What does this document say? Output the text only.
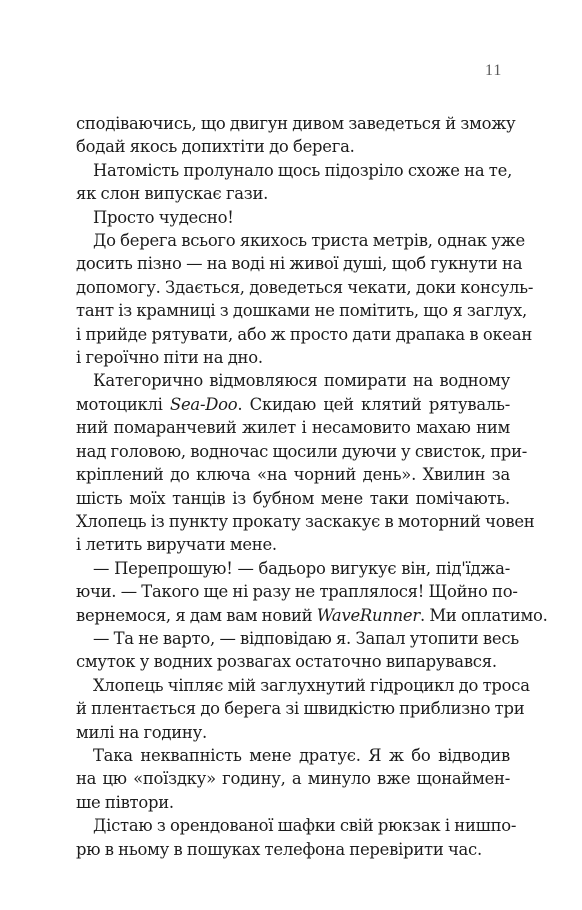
11
сподіваючись, що двигун дивом заведеться й зможу
бодай якось допихтіти до берега.
Натомість пролунало щось підозріло схоже на те,
як слон випускає гази.
Просто чудесно!
До берега всього якихось триста метрів, однак уже
досить пізно — на воді ні живої душі, щоб гукнути на
допомогу. Здається, доведеться чекати, доки консуль-
тант із крамниці з дошками не помітить, що я заглух,
і прийде рятувати, або ж просто дати драпака в океан
і героїчно піти на дно.
Категорично відмовляюся помирати на водному
мотоциклі Sea-Doo. Скидаю цей клятий рятуваль-
ний помаранчевий жилет і несамовито махаю ним
над головою, водночас щосили дуючи у свисток, при-
кріплений до ключа «на чорний день». Хвилин за
шість моїх танців із бубном мене таки помічають.
Хлопець із пункту прокату заскакує в моторний човен
і летить виручати мене.
— Перепрошую! — бадьоро вигукує він, під'їджа-
ючи. — Такого ще ні разу не траплялося! Щойно по-
вернемося, я дам вам новий WaveRunner. Ми оплатимо.
— Та не варто, — відповідаю я. Запал утопити весь
смуток у водних розвагах остаточно випарувався.
Хлопець чіпляє мій заглухнутий гідроцикл до троса
й плентається до берега зі швидкістю приблизно три
милі на годину.
Така неквапність мене дратує. Я ж бо відводив
на цю «поїздку» годину, а минуло вже щонаймен-
ше півтори.
Дістаю з орендованої шафки свій рюкзак і нишпо-
рю в ньому в пошуках телефона перевірити час.
